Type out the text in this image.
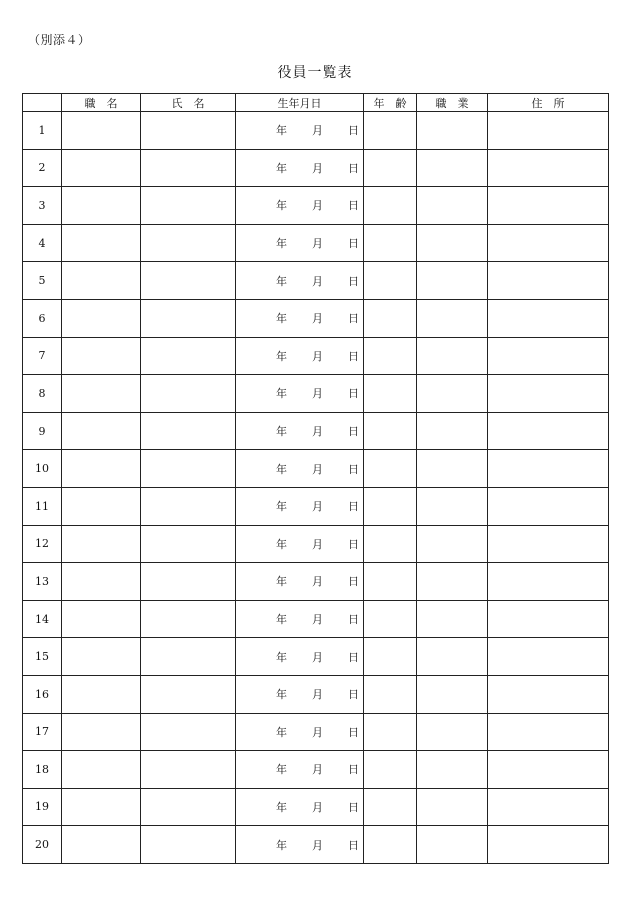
（別添４）
役員一覧表
	職　名	氏　名	生年月日	年　齢	職　業	住　所
1			年 月 日			

2			年 月 日			

3			年 月 日			

4			年 月 日			

5			年 月 日			

6			年 月 日			

7			年 月 日			

8			年 月 日			

9			年 月 日			

10			年 月 日			

11			年 月 日			

12			年 月 日			

13			年 月 日			

14			年 月 日			

15			年 月 日			

16			年 月 日			

17			年 月 日			

18			年 月 日			

19			年 月 日			

20			年 月 日			
